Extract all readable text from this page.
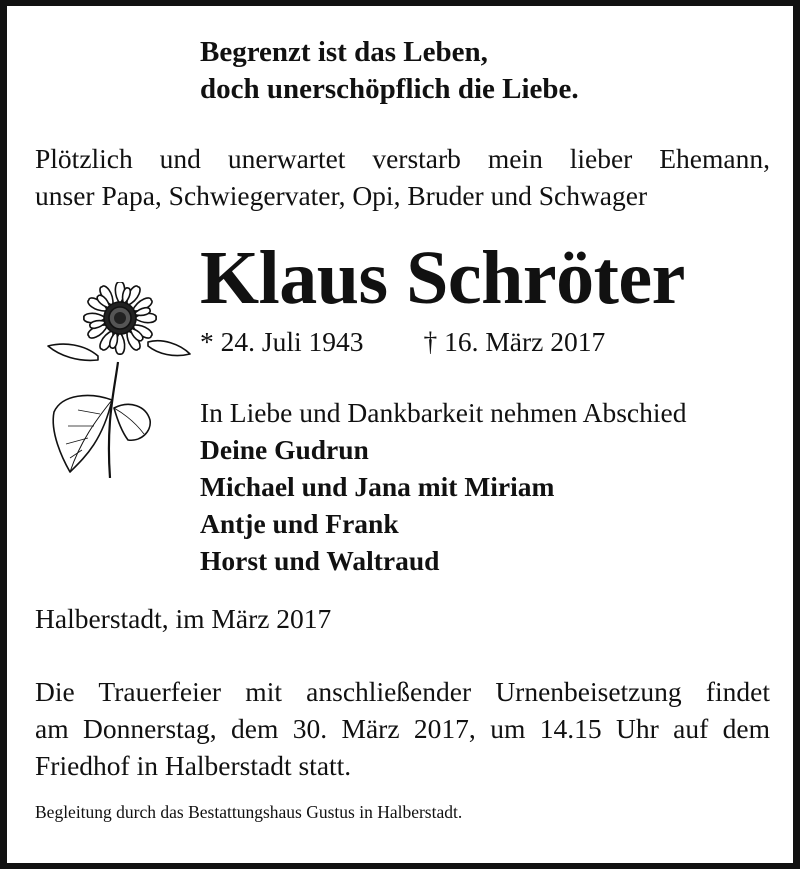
Begrenzt ist das Leben,
doch unerschöpflich die Liebe.
Plötzlich und unerwartet verstarb mein lieber Ehemann,
unser Papa, Schwiegervater, Opi, Bruder und Schwager
Klaus Schröter
* 24. Juli 1943 † 16. März 2017
In Liebe und Dankbarkeit nehmen Abschied
Deine Gudrun
Michael und Jana mit Miriam
Antje und Frank
Horst und Waltraud
Halberstadt, im März 2017
Die Trauerfeier mit anschließender Urnenbeisetzung findet
am Donnerstag, dem 30. März 2017, um 14.15 Uhr auf dem
Friedhof in Halberstadt statt.
Begleitung durch das Bestattungshaus Gustus in Halberstadt.
